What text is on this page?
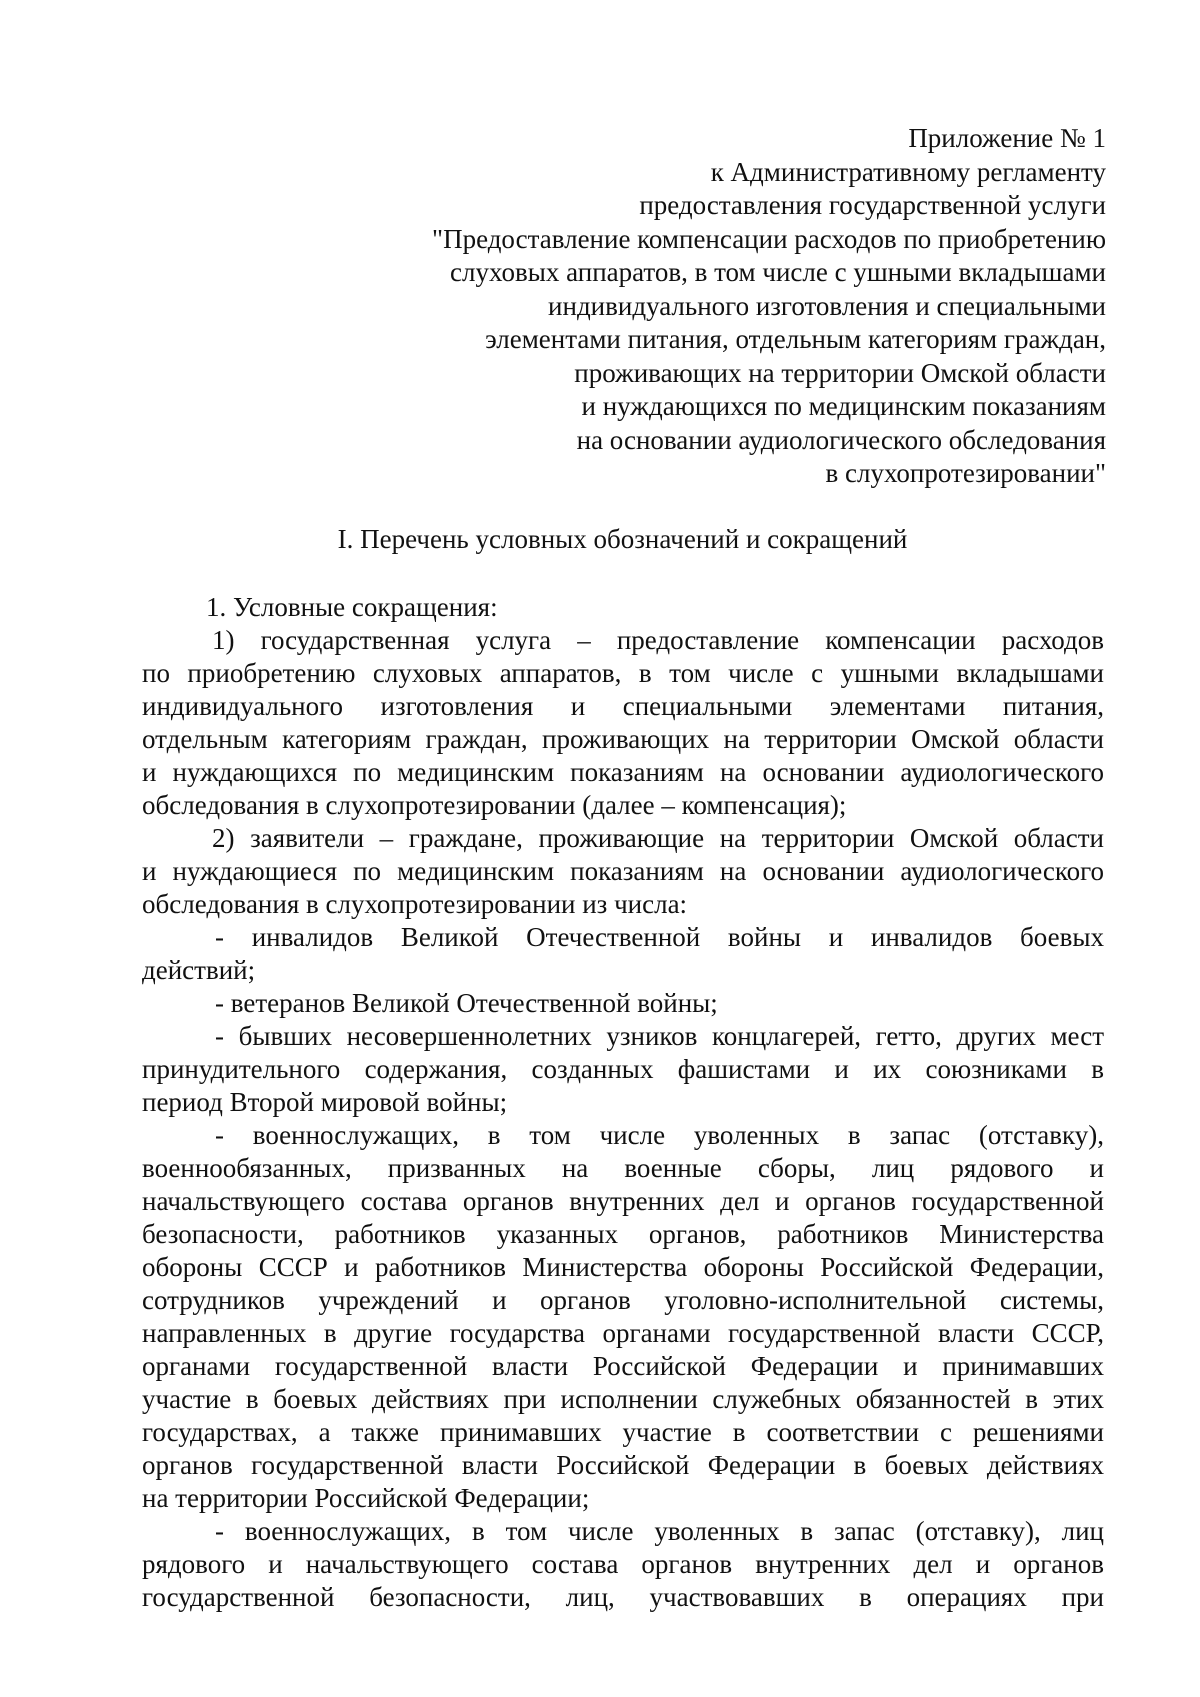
Приложение № 1
к Административному регламенту
предоставления государственной услуги
"Предоставление компенсации расходов по приобретению
слуховых аппаратов, в том числе с ушными вкладышами
индивидуального изготовления и специальными
элементами питания, отдельным категориям граждан,
проживающих на территории Омской области
и нуждающихся по медицинским показаниям
на основании аудиологического обследования
в слухопротезировании"
I. Перечень условных обозначений и сокращений
1. Условные сокращения:
1) государственная услуга – предоставление компенсации расходов
по приобретению слуховых аппаратов, в том числе с ушными вкладышами
индивидуального изготовления и специальными элементами питания,
отдельным категориям граждан, проживающих на территории Омской области
и нуждающихся по медицинским показаниям на основании аудиологического
обследования в слухопротезировании (далее – компенсация);
2) заявители – граждане, проживающие на территории Омской области
и нуждающиеся по медицинским показаниям на основании аудиологического
обследования в слухопротезировании из числа:
- инвалидов Великой Отечественной войны и инвалидов боевых
действий;
- ветеранов Великой Отечественной войны;
- бывших несовершеннолетних узников концлагерей, гетто, других мест
принудительного содержания, созданных фашистами и их союзниками в
период Второй мировой войны;
- военнослужащих, в том числе уволенных в запас (отставку),
военнообязанных, призванных на военные сборы, лиц рядового и
начальствующего состава органов внутренних дел и органов государственной
безопасности, работников указанных органов, работников Министерства
обороны СССР и работников Министерства обороны Российской Федерации,
сотрудников учреждений и органов уголовно-исполнительной системы,
направленных в другие государства органами государственной власти СССР,
органами государственной власти Российской Федерации и принимавших
участие в боевых действиях при исполнении служебных обязанностей в этих
государствах, а также принимавших участие в соответствии с решениями
органов государственной власти Российской Федерации в боевых действиях
на территории Российской Федерации;
- военнослужащих, в том числе уволенных в запас (отставку), лиц
рядового и начальствующего состава органов внутренних дел и органов
государственной безопасности, лиц, участвовавших в операциях при
